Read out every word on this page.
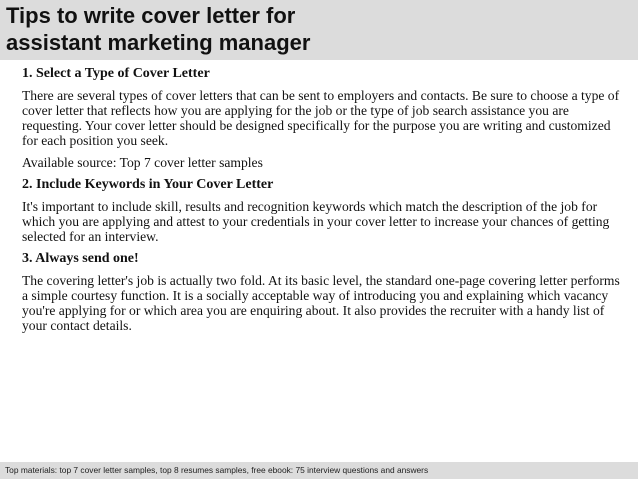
Tips to write cover letter for
assistant marketing manager

1. Select a Type of Cover Letter

There are several types of cover letters that can be sent to employers and contacts. Be sure to choose a type of cover letter that reflects how you are applying for the job or the type of job search assistance you are requesting. Your cover letter should be designed specifically for the purpose you are writing and customized for each position you seek.

Available source: Top 7 cover letter samples

2. Include Keywords in Your Cover Letter

It's important to include skill, results and recognition keywords which match the description of the job for which you are applying and attest to your credentials in your cover letter to increase your chances of getting selected for an interview.

3. Always send one!

The covering letter's job is actually two fold. At its basic level, the standard one-page covering letter performs a simple courtesy function. It is a socially acceptable way of introducing you and explaining which vacancy you're applying for or which area you are enquiring about. It also provides the recruiter with a handy list of your contact details.

Top materials: top 7 cover letter samples, top 8 resumes samples, free ebook: 75 interview questions and answers
